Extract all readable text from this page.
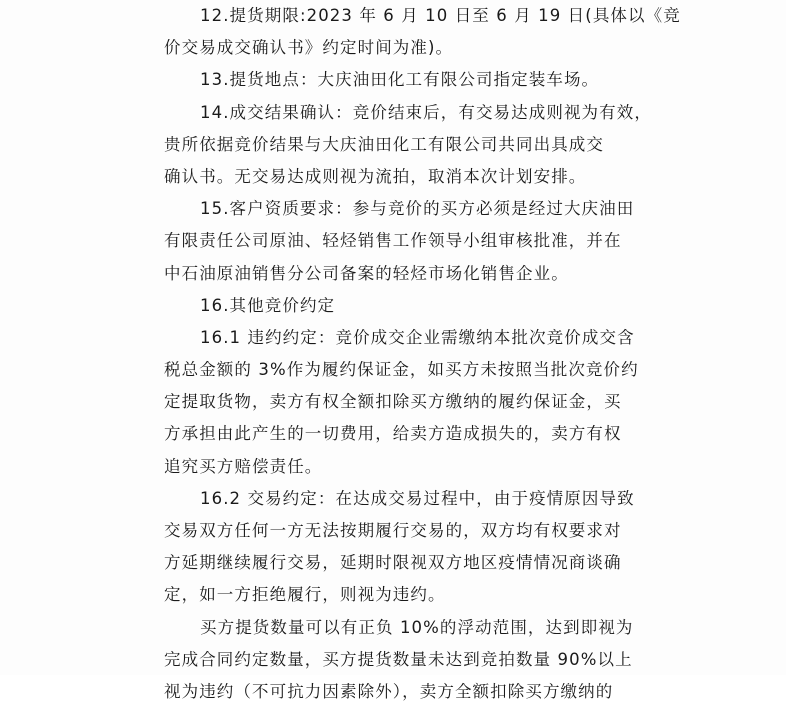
12.提货期限:2023 年 6 月 10 日至 6 月 19 日(具体以《竞
价交易成交确认书》约定时间为准)。
13.提货地点：大庆油田化工有限公司指定装车场。
14.成交结果确认：竞价结束后，有交易达成则视为有效，
贵所依据竞价结果与大庆油田化工有限公司共同出具成交
确认书。无交易达成则视为流拍，取消本次计划安排。
15.客户资质要求：参与竞价的买方必须是经过大庆油田
有限责任公司原油、轻烃销售工作领导小组审核批准，并在
中石油原油销售分公司备案的轻烃市场化销售企业。
16.其他竞价约定
16.1 违约约定：竞价成交企业需缴纳本批次竞价成交含
税总金额的 3%作为履约保证金，如买方未按照当批次竞价约
定提取货物，卖方有权全额扣除买方缴纳的履约保证金，买
方承担由此产生的一切费用，给卖方造成损失的，卖方有权
追究买方赔偿责任。
16.2 交易约定：在达成交易过程中，由于疫情原因导致
交易双方任何一方无法按期履行交易的，双方均有权要求对
方延期继续履行交易，延期时限视双方地区疫情情况商谈确
定，如一方拒绝履行，则视为违约。
买方提货数量可以有正负 10%的浮动范围，达到即视为
完成合同约定数量，买方提货数量未达到竞拍数量 90%以上
视为违约（不可抗力因素除外），卖方全额扣除买方缴纳的
